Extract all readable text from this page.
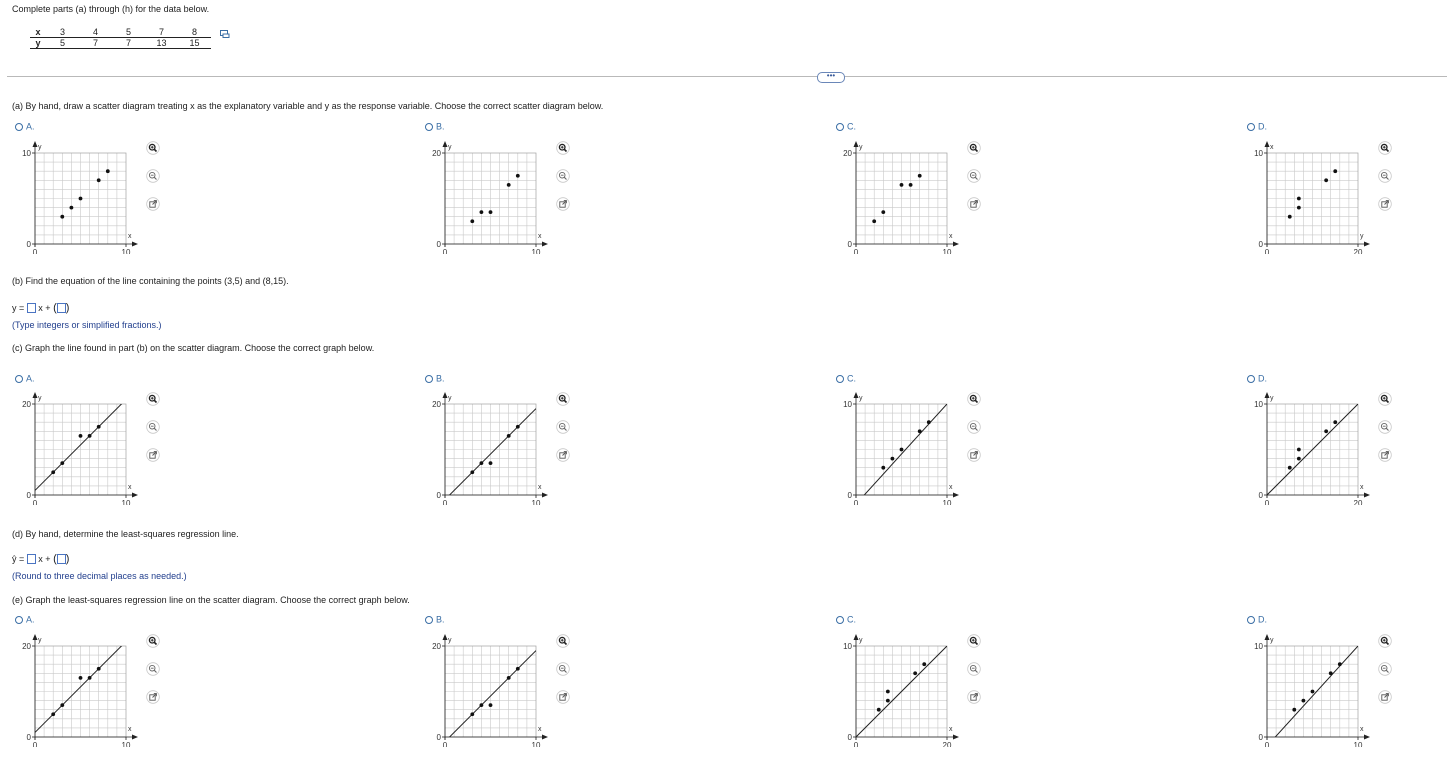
Complete parts (a) through (h) for the data below.
x	3	4	5	7	8
y	5	7	7	13	15
•••
(a) By hand, draw a scatter diagram treating x as the explanatory variable and y as the response variable. Choose the correct scatter diagram below.
(b) Find the equation of the line containing the points (3,5) and (8,15).
y = x + ( )
(Type integers or simplified fractions.)
(c) Graph the line found in part (b) on the scatter diagram. Choose the correct graph below.
(d) By hand, determine the least-squares regression line.
ŷ = x + ( )
(Round to three decimal places as needed.)
(e) Graph the least-squares regression line on the scatter diagram. Choose the correct graph below.
A.
10
0
0	10
y
x
B.
20
0
0	10
y
x
C.
20
0
0	10
y
x
D.
10
0
0	20
x
y
A.
20
0
0	10
y
x
B.
20
0
0	10
y
x
C.
10
0
0	10
y
x
D.
10
0
0	20
y
x
A.
20
0
0	10
y
x
B.
20
0
0	10
y
x
C.
10
0
0	20
y
x
D.
10
0
0	10
y
x
